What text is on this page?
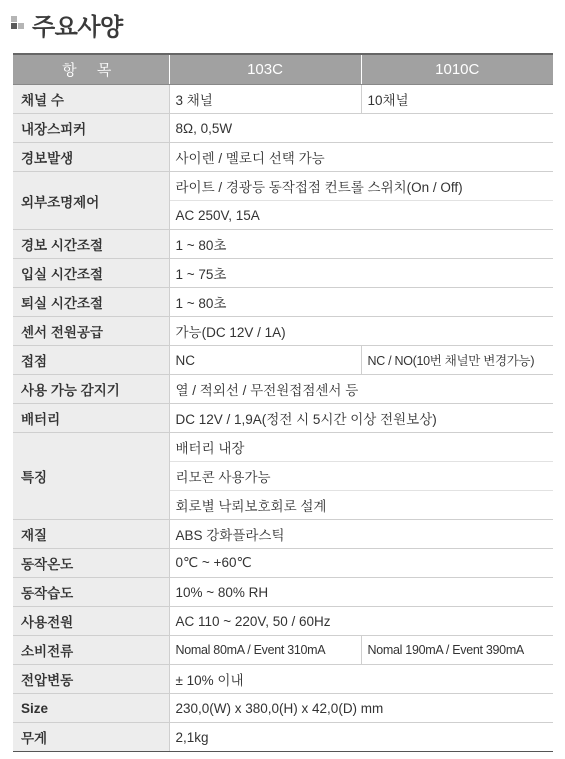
주요사양
항 목	103C	1010C
채널 수	3 채널	10채널
내장스피커	8Ω, 0,5W	
경보발생	사이렌 / 멜로디 선택 가능	
외부조명제어	라이트 / 경광등 동작접점 컨트롤 스위치(On / Off)	
	AC 250V, 15A	
경보 시간조절	1 ~ 80초	
입실 시간조절	1 ~ 75초	
퇴실 시간조절	1 ~ 80초	
센서 전원공급	가능(DC 12V / 1A)	
접점	NC	NC / NO(10번 채널만 변경가능)
사용 가능 감지기	열 / 적외선 / 무전원접점센서 등	
배터리	DC 12V / 1,9A(정전 시 5시간 이상 전원보상)	
특징	배터리 내장	
	리모콘 사용가능	
	회로별 낙뢰보호회로 설계	
재질	ABS 강화플라스틱	
동작온도	0℃ ~ +60℃	
동작습도	10% ~ 80% RH	
사용전원	AC 110 ~ 220V, 50 / 60Hz	
소비전류	Nomal 80mA / Event 310mA	Nomal 190mA / Event 390mA
전압변동	± 10% 이내	
Size	230,0(W) x 380,0(H) x 42,0(D) mm	
무게	2,1kg	
